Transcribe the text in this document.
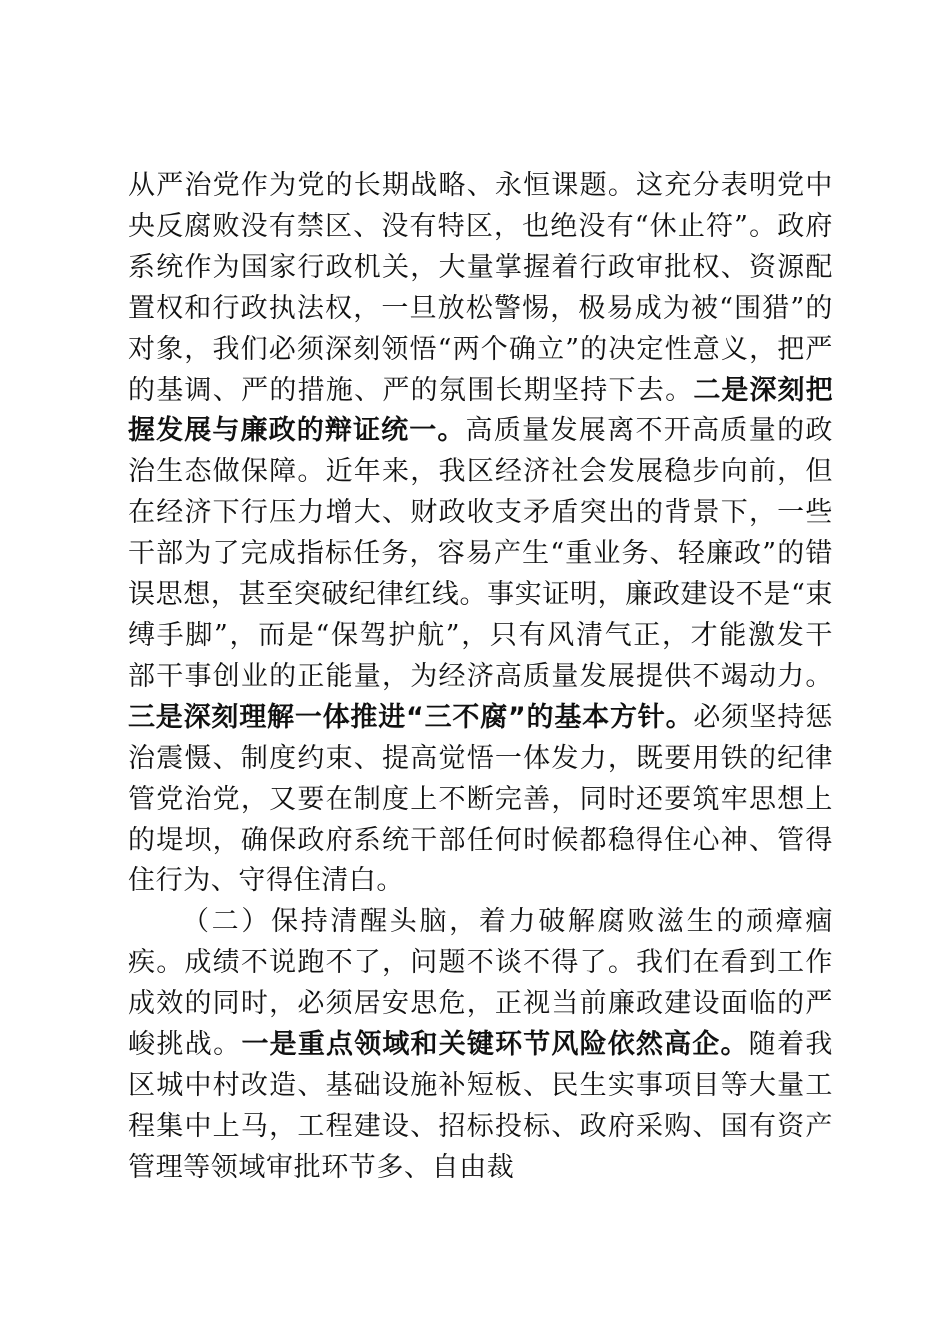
从严治党作为党的长期战略、永恒课题。这充分表明党中央反腐败没有禁区、没有特区，也绝没有“休止符”。政府系统作为国家行政机关，大量掌握着行政审批权、资源配置权和行政执法权，一旦放松警惕，极易成为被“围猎”的对象，我们必须深刻领悟“两个确立”的决定性意义，把严的基调、严的措施、严的氛围长期坚持下去。二是深刻把握发展与廉政的辩证统一。高质量发展离不开高质量的政治生态做保障。近年来，我区经济社会发展稳步向前，但在经济下行压力增大、财政收支矛盾突出的背景下，一些干部为了完成指标任务，容易产生“重业务、轻廉政”的错误思想，甚至突破纪律红线。事实证明，廉政建设不是“束缚手脚”，而是“保驾护航”，只有风清气正，才能激发干部干事创业的正能量，为经济高质量发展提供不竭动力。三是深刻理解一体推进“三不腐”的基本方针。必须坚持惩治震慑、制度约束、提高觉悟一体发力，既要用铁的纪律管党治党，又要在制度上不断完善，同时还要筑牢思想上的堤坝，确保政府系统干部任何时候都稳得住心神、管得住行为、守得住清白。

（二）保持清醒头脑，着力破解腐败滋生的顽瘴痼疾。成绩不说跑不了，问题不谈不得了。我们在看到工作成效的同时，必须居安思危，正视当前廉政建设面临的严峻挑战。一是重点领域和关键环节风险依然高企。随着我区城中村改造、基础设施补短板、民生实事项目等大量工程集中上马，工程建设、招标投标、政府采购、国有资产管理等领域审批环节多、自由裁
